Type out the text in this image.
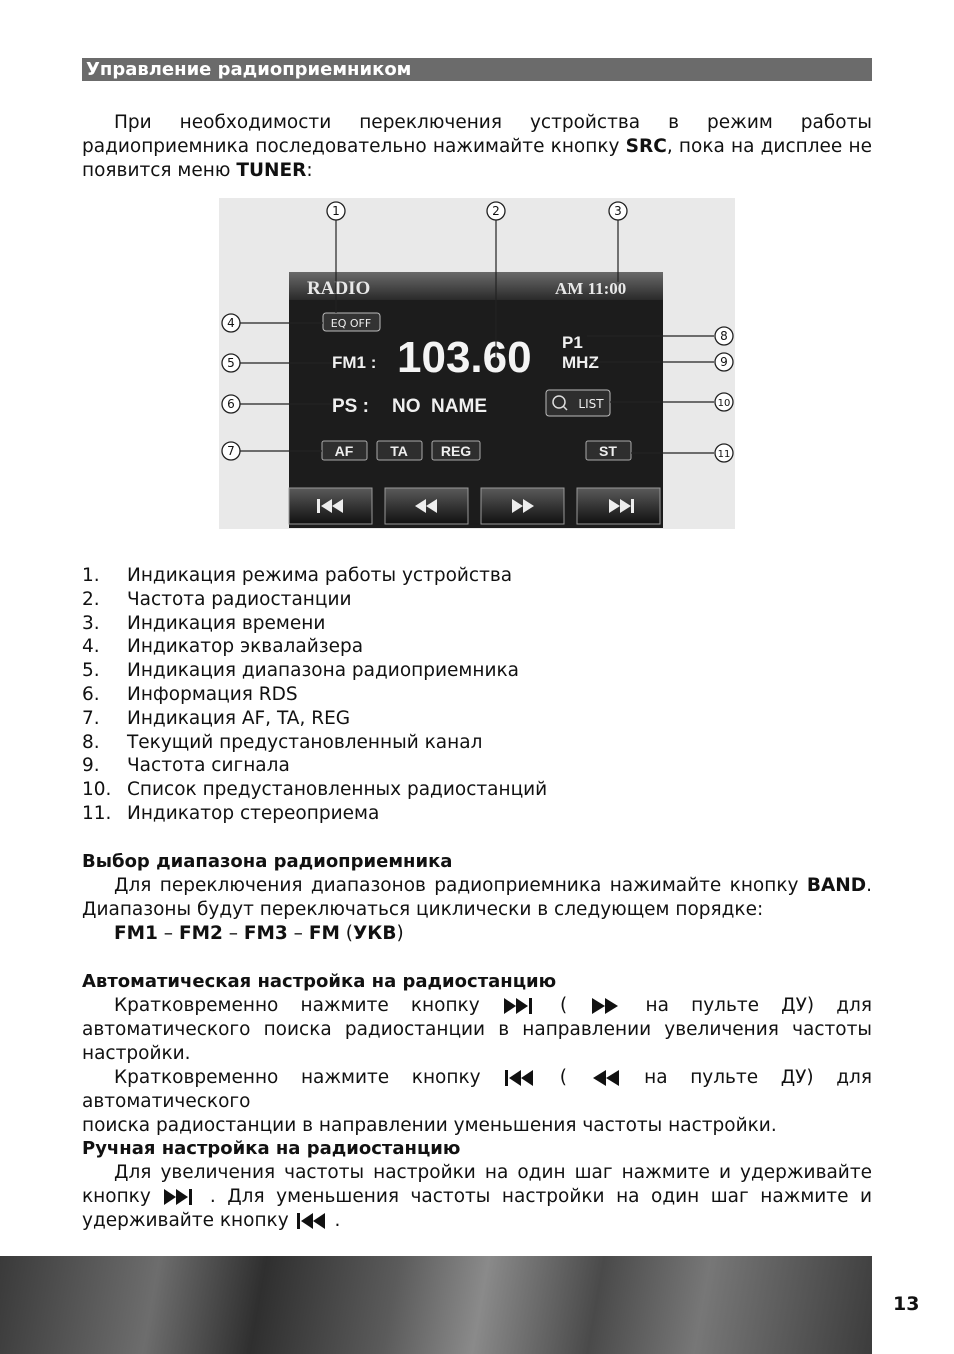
Управление радиоприемником
При необходимости переключения устройства в режим работы
радиоприемника последовательно нажимайте кнопку SRC, пока на дисплее не
появится меню TUNER:
RADIO	AM 11:00
EQ OFF
FM1 : 103.60 P1
MHZ
PS : NO  NAME	LIST
AF	TA REG	ST
1	2	3
4
5
6
7
8
9
10
11
1. Индикация режима работы устройства
2. Частота радиостанции
3. Индикация времени
4. Индикатор эквалайзера
5. Индикация диапазона радиоприемника
6. Информация RDS
7. Индикация AF, TA, REG
8. Текущий предустановленный канал
9. Частота сигнала
10. Список предустановленных радиостанций
11. Индикатор стереоприема
Выбор диапазона радиоприемника
Для переключения диапазонов радиоприемника нажимайте кнопку BAND.
Диапазоны будут переключаться циклически в следующем порядке:
FM1 – FM2 – FM3 – FM (УКВ)
Автоматическая настройка на радиостанцию
Кратковременно нажмите кнопку	(	на пульте ДУ) для
автоматического поиска радиостанции в направлении увеличения частоты
настройки.
Кратковременно нажмите кнопку	(	на пульте ДУ) для автоматического
поиска радиостанции в направлении уменьшения частоты настройки.
Ручная настройка на радиостанцию
Для увеличения частоты настройки на один шаг нажмите и удерживайте
кнопку	. Для уменьшения частоты настройки на один шаг нажмите и
удерживайте кнопку .
13
